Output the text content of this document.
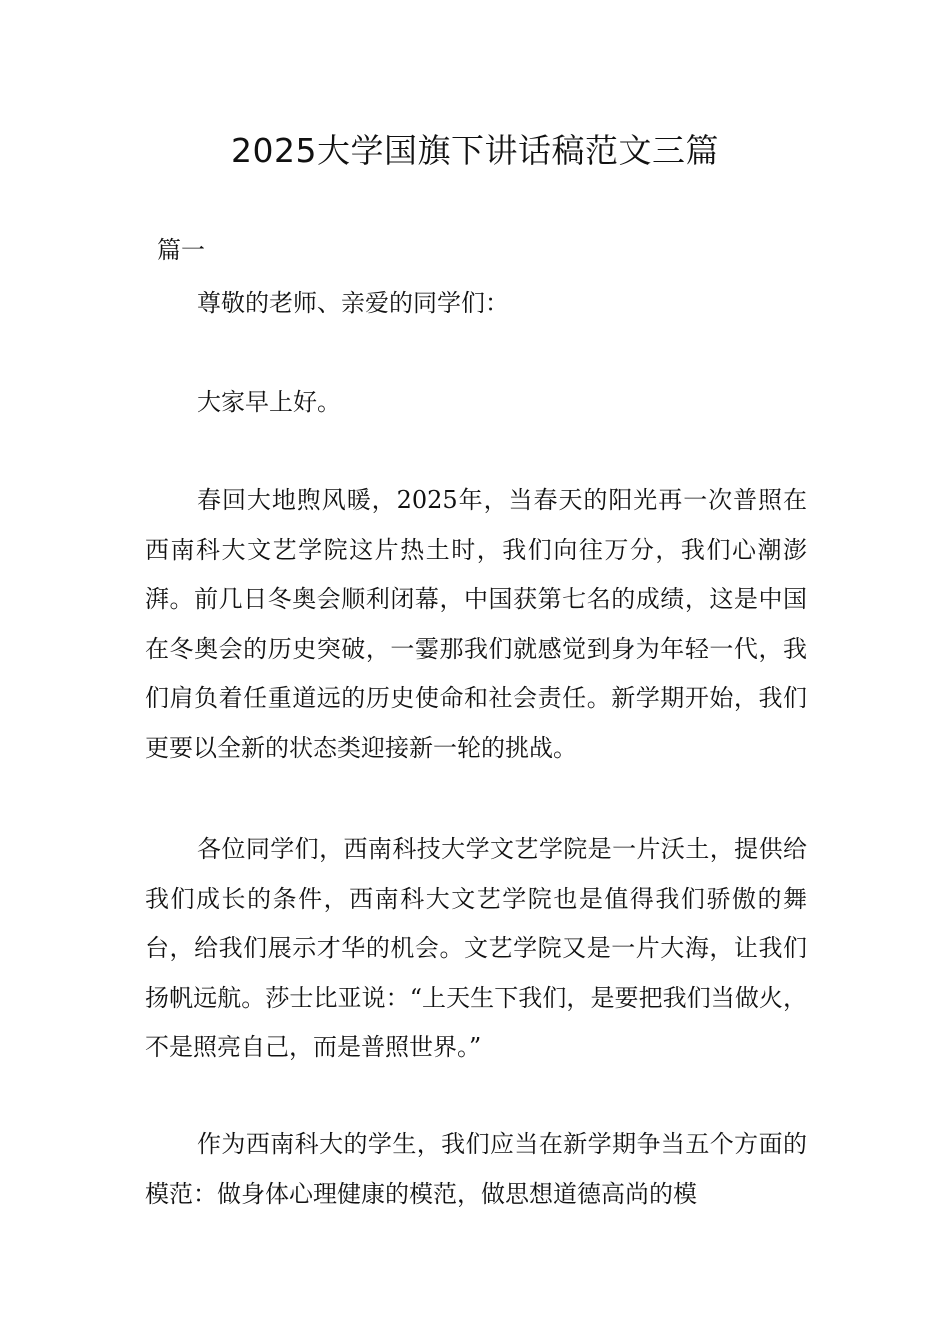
2025大学国旗下讲话稿范文三篇

篇一

尊敬的老师、亲爱的同学们：

大家早上好。

春回大地煦风暖，2025年，当春天的阳光再一次普照在西南科大文艺学院这片热土时，我们向往万分，我们心潮澎湃。前几日冬奥会顺利闭幕，中国获第七名的成绩，这是中国在冬奥会的历史突破，一霎那我们就感觉到身为年轻一代，我们肩负着任重道远的历史使命和社会责任。新学期开始，我们更要以全新的状态类迎接新一轮的挑战。

各位同学们，西南科技大学文艺学院是一片沃土，提供给我们成长的条件，西南科大文艺学院也是值得我们骄傲的舞台，给我们展示才华的机会。文艺学院又是一片大海，让我们扬帆远航。莎士比亚说：“上天生下我们，是要把我们当做火，不是照亮自己，而是普照世界。”

作为西南科大的学生，我们应当在新学期争当五个方面的模范：做身体心理健康的模范，做思想道德高尚的模
